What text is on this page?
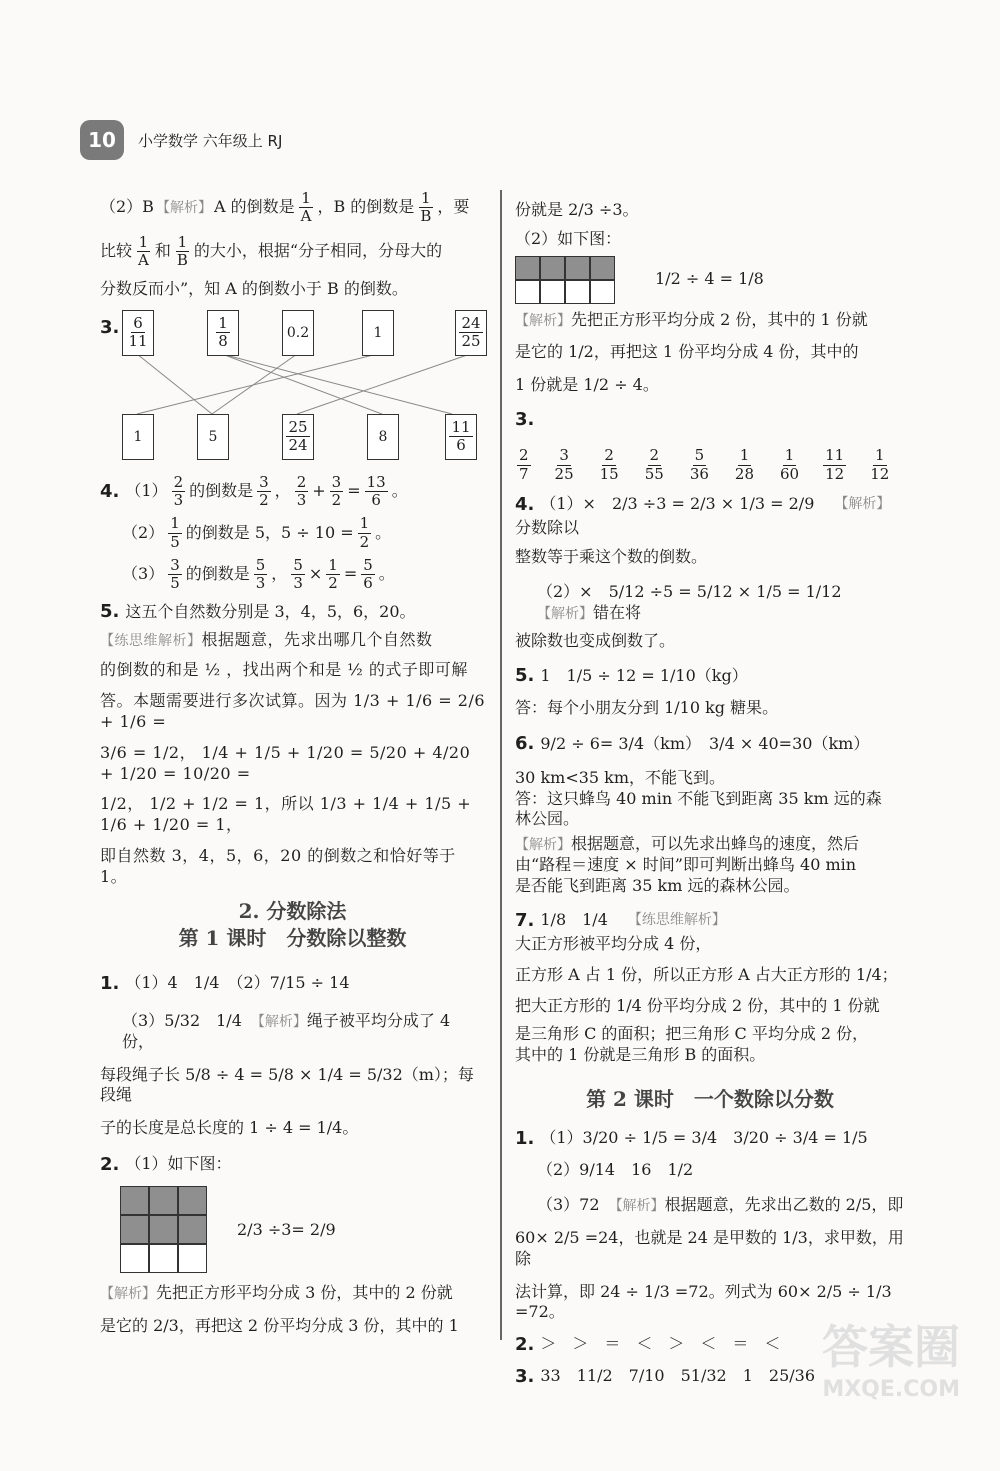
10	小学数学 六年级上 RJ

（2）B 【解析】 A 的倒数是 1
A ，B 的倒数是 1
B ，要

比较 1
A 和 1
B 的大小，根据“分子相同，分母大的

分数反而小”，知 A 的倒数小于 B 的倒数。

3. 6
11
1
8	0.2	1
24
25
1	5
25
24	8
11
6

4. （1） 2
3 的倒数是 3
2 ， 2
$3 + \frac{3}{2} = \frac{13}{6}$ 。

（2） 1
5 的倒数是 5，$5 \div 10 = \frac{1}{2}$ 。

（3） 3
5 的倒数是 5
3 ， $\frac{5}{3} \times \frac{1}{2} = \frac{5}{6}$ 。

5. 这五个自然数分别是 3，4，5，6，20。

【练思维解析】根据题意，先求出哪几个自然数

的倒数的和是 ½ ，找出两个和是 ½ 的式子即可解

答。本题需要进行多次试算。因为 1/3 + 1/6 = 2/6 + 1/6 =

3/6 = 1/2， 1/4 + 1/5 + 1/20 = 5/20 + 4/20 + 1/20 = 10/20 =

1/2， 1/2 + 1/2 = 1，所以 1/3 + 1/4 + 1/5 + 1/6 + 1/20 = 1，

即自然数 3，4，5，6，20 的倒数之和恰好等于 1。

2. 分数除法
第 1 课时　分数除以整数

1. （1）4　1/4　（2）7/15 ÷ 14

（3）5/32　1/4　 【解析】绳子被平均分成了 4 份，

每段绳子长 5/8 ÷ 4 = 5/8 × 1/4 = 5/32（m）；每段绳

子的长度是总长度的 1 ÷ 4 = 1/4。

2. （1）如下图：

2/3 ÷3= 2/9

【解析】先把正方形平均分成 3 份，其中的 2 份就

是它的 2/3，再把这 2 份平均分成 3 份，其中的 1

份就是 2/3 ÷3。

（2）如下图：

1/2 ÷ 4 = 1/8

【解析】先把正方形平均分成 2 份，其中的 1 份就

是它的 1/2，再把这 1 份平均分成 4 份，其中的

1 份就是 1/2 ÷ 4。

3.
2
7
3
25
2
15
2
55
5
36
1
28
1
60
11
12
1
12

4. （1）×　2/3 ÷3 = 2/3 × 1/3 = 2/9
　 【解析】
分数除以

整数等于乘这个数的倒数。

（2）×　5/12 ÷5 = 5/12 × 1/5 = 1/12　【解析】错在将

被除数也变成倒数了。

5. 1　1/5 ÷ 12 = 1/10（kg）

答：每个小朋友分到 1/10 kg 糖果。

6. 9/2 ÷ 6= 3/4（km）　3/4 × 40=30（km）

30 km<35 km，不能飞到。

答：这只蜂鸟 40 min 不能飞到距离 35 km 远的森

林公园。

【解析】根据题意，可以先求出蜂鸟的速度，然后

由“路程＝速度 × 时间”即可判断出蜂鸟 40 min

是否能飞到距离 35 km 远的森林公园。

7. 1/8　1/4
　 【练思维解析】
大正方形被平均分成 4 份，

正方形 A 占 1 份，所以正方形 A 占大正方形的 1/4；

把大正方形的 1/4 份平均分成 2 份，其中的 1 份就

是三角形 C 的面积；把三角形 C 平均分成 2 份，

其中的 1 份就是三角形 B 的面积。

第 2 课时　一个数除以分数

1. （1）3/20 ÷ 1/5 = 3/4　3/20 ÷ 3/4 = 1/5

（2）9/14　16　1/2

（3）72　 【解析】根据题意，先求出乙数的 2/5，即

60× 2/5 =24，也就是 24 是甲数的 1/3，求甲数，用除

法计算，即 24 ÷ 1/3 =72。列式为 60× 2/5 ÷ 1/3 =72。

2. ＞　＞　＝　＜　＞　＜　＝　＜

3. 33　11/2　7/10　51/32　1　25/36

答案圈
MXQE.COM
